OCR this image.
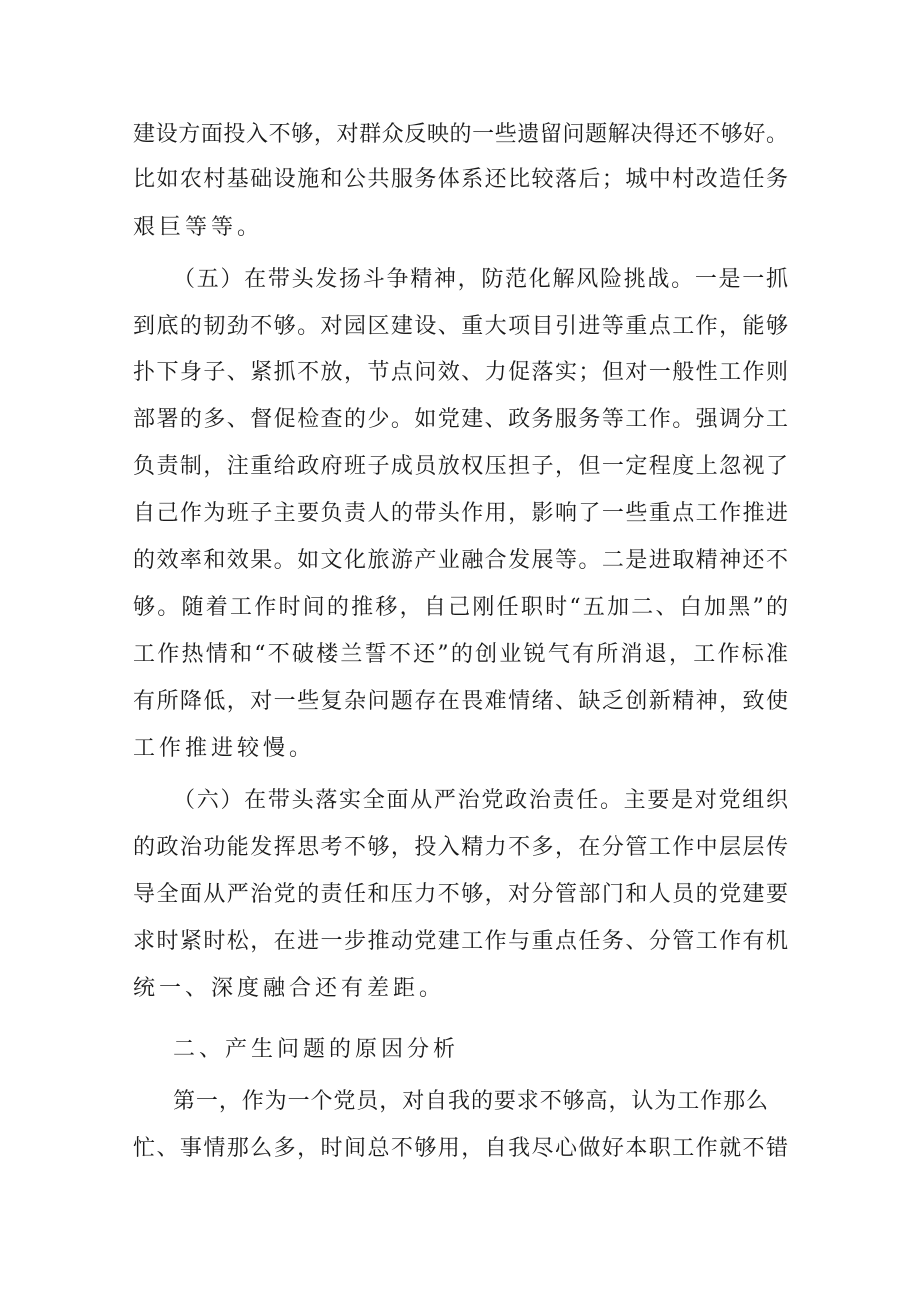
建设方面投入不够，对群众反映的一些遗留问题解决得还不够好。
比如农村基础设施和公共服务体系还比较落后；城中村改造任务
艰巨等等。
（五）在带头发扬斗争精神，防范化解风险挑战。一是一抓
到底的韧劲不够。对园区建设、重大项目引进等重点工作，能够
扑下身子、紧抓不放，节点问效、力促落实；但对一般性工作则
部署的多、督促检查的少。如党建、政务服务等工作。强调分工
负责制，注重给政府班子成员放权压担子，但一定程度上忽视了
自己作为班子主要负责人的带头作用，影响了一些重点工作推进
的效率和效果。如文化旅游产业融合发展等。二是进取精神还不
够。随着工作时间的推移，自己刚任职时“五加二、白加黑”的
工作热情和“不破楼兰誓不还”的创业锐气有所消退，工作标准
有所降低，对一些复杂问题存在畏难情绪、缺乏创新精神，致使
工作推进较慢。
（六）在带头落实全面从严治党政治责任。主要是对党组织
的政治功能发挥思考不够，投入精力不多，在分管工作中层层传
导全面从严治党的责任和压力不够，对分管部门和人员的党建要
求时紧时松，在进一步推动党建工作与重点任务、分管工作有机
统一、深度融合还有差距。
二、产生问题的原因分析
第一，作为一个党员，对自我的要求不够高，认为工作那么
忙、事情那么多，时间总不够用，自我尽心做好本职工作就不错
